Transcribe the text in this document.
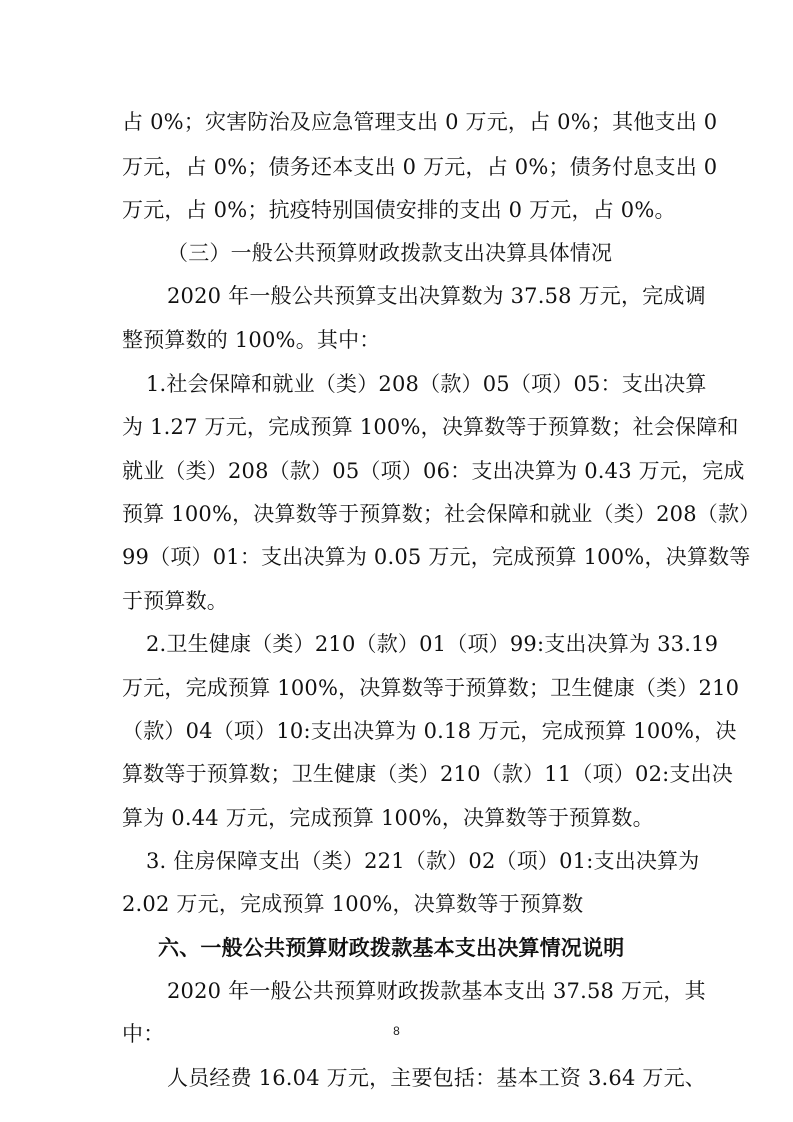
占 0%；灾害防治及应急管理支出 0 万元，占 0%；其他支出 0
万元，占 0%；债务还本支出 0 万元，占 0%；债务付息支出 0
万元，占 0%；抗疫特别国债安排的支出 0 万元，占 0%。
（三）一般公共预算财政拨款支出决算具体情况
2020 年一般公共预算支出决算数为 37.58 万元，完成调
整预算数的 100%。其中：
1.社会保障和就业（类）208（款）05（项）05：支出决算
为 1.27 万元，完成预算 100%，决算数等于预算数；社会保障和
就业（类）208（款）05（项）06：支出决算为 0.43 万元，完成
预算 100%，决算数等于预算数；社会保障和就业（类）208（款）
99（项）01：支出决算为 0.05 万元，完成预算 100%，决算数等
于预算数。
2.卫生健康（类）210（款）01（项）99:支出决算为 33.19
万元，完成预算 100%，决算数等于预算数；卫生健康（类）210
（款）04（项）10:支出决算为 0.18 万元，完成预算 100%，决
算数等于预算数；卫生健康（类）210（款）11（项）02:支出决
算为 0.44 万元，完成预算 100%，决算数等于预算数。
3. 住房保障支出（类）221（款）02（项）01:支出决算为
2.02 万元，完成预算 100%，决算数等于预算数
六、一般公共预算财政拨款基本支出决算情况说明
2020 年一般公共预算财政拨款基本支出 37.58 万元，其
中：
人员经费 16.04 万元，主要包括：基本工资 3.64 万元、
8
